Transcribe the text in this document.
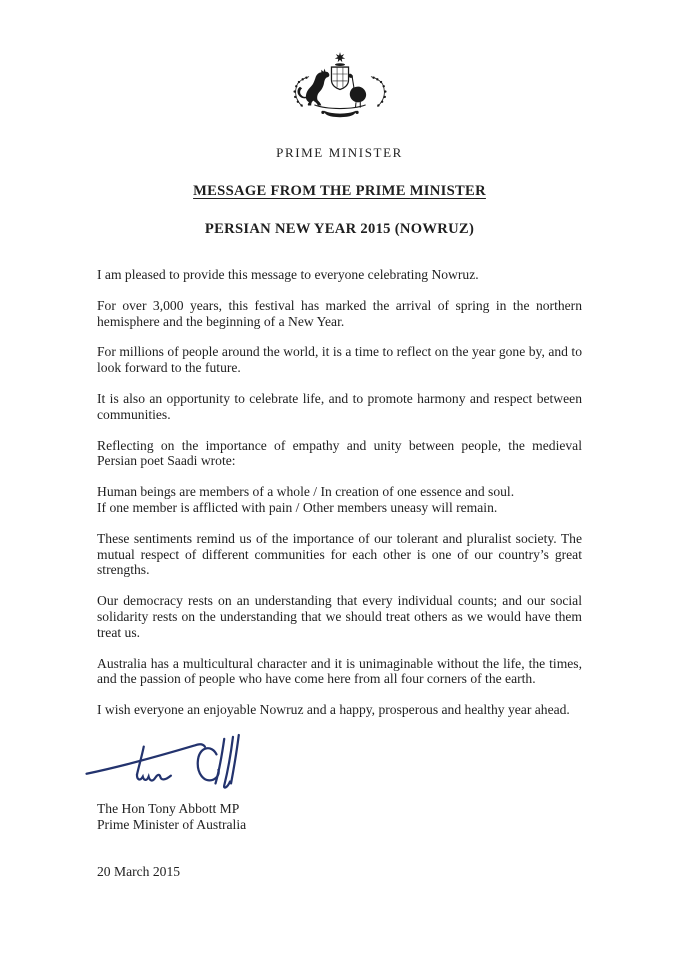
PRIME MINISTER
MESSAGE FROM THE PRIME MINISTER
PERSIAN NEW YEAR 2015 (NOWRUZ)

I am pleased to provide this message to everyone celebrating Nowruz.

For over 3,000 years, this festival has marked the arrival of spring in the northern hemisphere and the beginning of a New Year.

For millions of people around the world, it is a time to reflect on the year gone by, and to look forward to the future.

It is also an opportunity to celebrate life, and to promote harmony and respect between communities.

Reflecting on the importance of empathy and unity between people, the medieval Persian poet Saadi wrote:

Human beings are members of a whole / In creation of one essence and soul.

If one member is afflicted with pain / Other members uneasy will remain.

These sentiments remind us of the importance of our tolerant and pluralist society. The mutual respect of different communities for each other is one of our country’s great strengths.

Our democracy rests on an understanding that every individual counts; and our social solidarity rests on the understanding that we should treat others as we would have them treat us.

Australia has a multicultural character and it is unimaginable without the life, the times, and the passion of people who have come here from all four corners of the earth.

I wish everyone an enjoyable Nowruz and a happy, prosperous and healthy year ahead.

The Hon Tony Abbott MP
Prime Minister of Australia
20 March 2015
